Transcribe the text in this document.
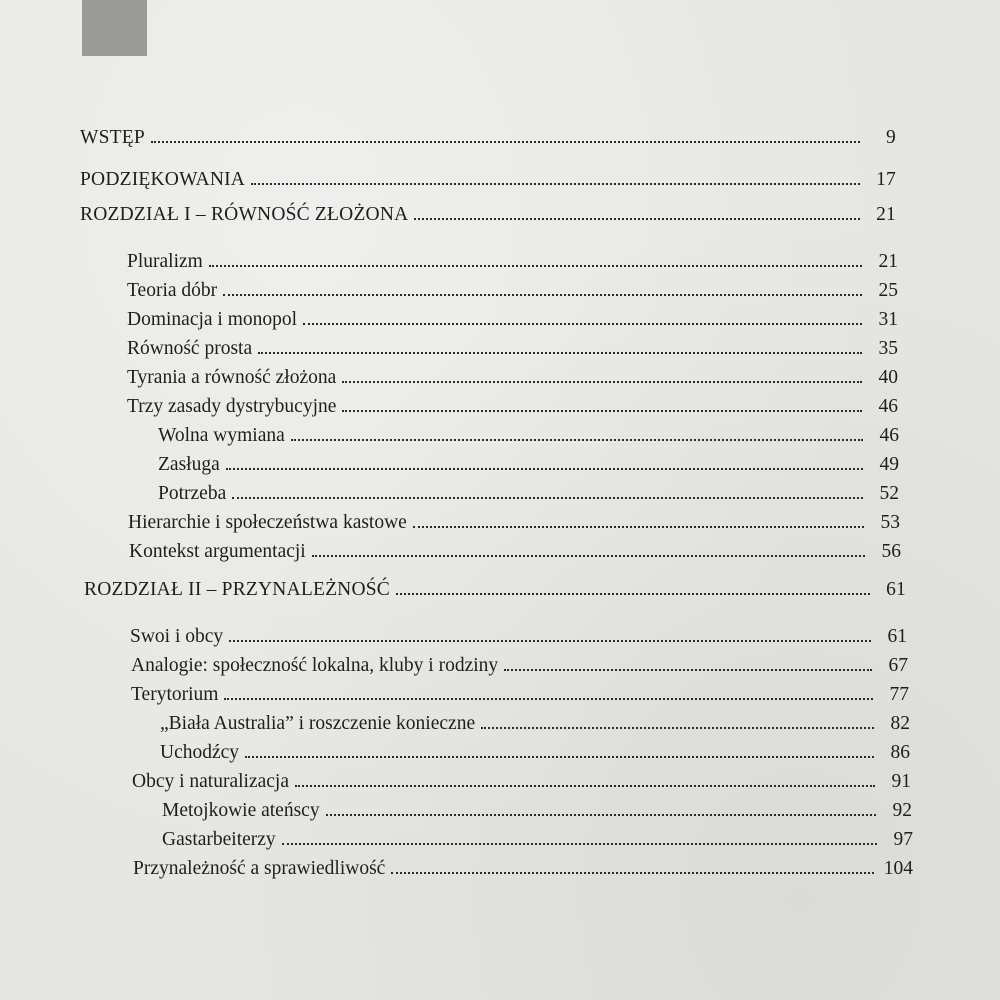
WSTĘP	9
PODZIĘKOWANIA	17
ROZDZIAŁ I – RÓWNOŚĆ ZŁOŻONA	21
Pluralizm	21
Teoria dóbr	25
Dominacja i monopol	31
Równość prosta	35
Tyrania a równość złożona	40
Trzy zasady dystrybucyjne	46
Wolna wymiana	46
Zasługa	49
Potrzeba	52
Hierarchie i społeczeństwa kastowe	53
Kontekst argumentacji	56
ROZDZIAŁ II – PRZYNALEŻNOŚĆ	61
Swoi i obcy	61
Analogie: społeczność lokalna, kluby i rodziny	67
Terytorium	77
„Biała Australia” i roszczenie konieczne	82
Uchodźcy	86
Obcy i naturalizacja	91
Metojkowie ateńscy	92
Gastarbeiterzy	97
Przynależność a sprawiedliwość	104
